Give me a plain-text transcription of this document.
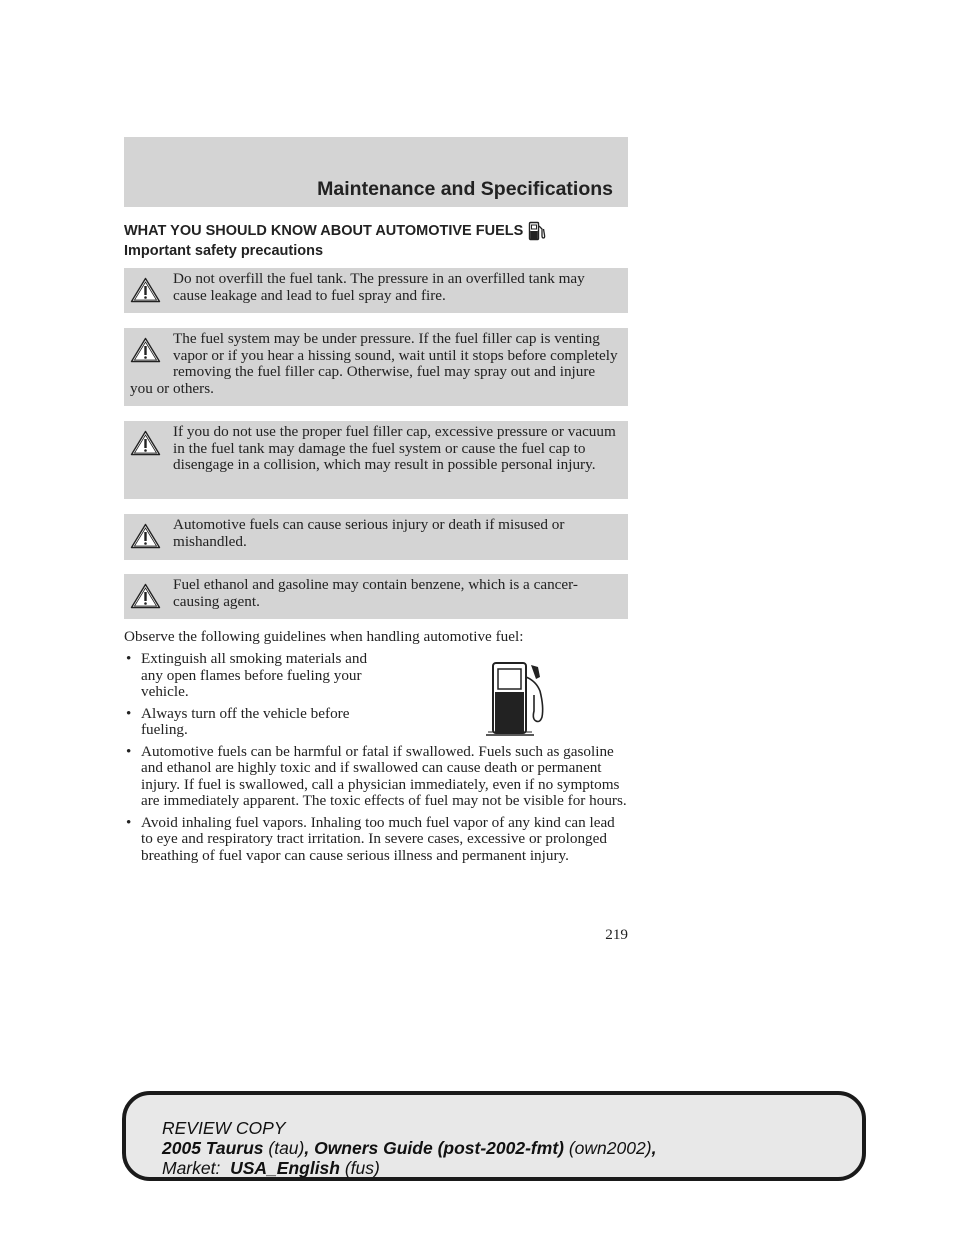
Maintenance and Specifications
WHAT YOU SHOULD KNOW ABOUT AUTOMOTIVE FUELS
Important safety precautions
Do not overfill the fuel tank. The pressure in an overfilled tank may cause leakage and lead to fuel spray and fire.
The fuel system may be under pressure. If the fuel filler cap is venting vapor or if you hear a hissing sound, wait until it stops before completely removing the fuel filler cap. Otherwise, fuel may spray out and injure you or others.
If you do not use the proper fuel filler cap, excessive pressure or vacuum in the fuel tank may damage the fuel system or cause the fuel cap to disengage in a collision, which may result in possible personal injury.
Automotive fuels can cause serious injury or death if misused or mishandled.
Fuel ethanol and gasoline may contain benzene, which is a cancer-causing agent.
Observe the following guidelines when handling automotive fuel:
• Extinguish all smoking materials and any open flames before fueling your vehicle.
• Always turn off the vehicle before fueling.
• Automotive fuels can be harmful or fatal if swallowed. Fuels such as gasoline and ethanol are highly toxic and if swallowed can cause death or permanent injury. If fuel is swallowed, call a physician immediately, even if no symptoms are immediately apparent. The toxic effects of fuel may not be visible for hours.
• Avoid inhaling fuel vapors. Inhaling too much fuel vapor of any kind can lead to eye and respiratory tract irritation. In severe cases, excessive or prolonged breathing of fuel vapor can cause serious illness and permanent injury.
219
REVIEW COPY
2005 Taurus (tau), Owners Guide (post-2002-fmt) (own2002),
Market: USA_English (fus)
